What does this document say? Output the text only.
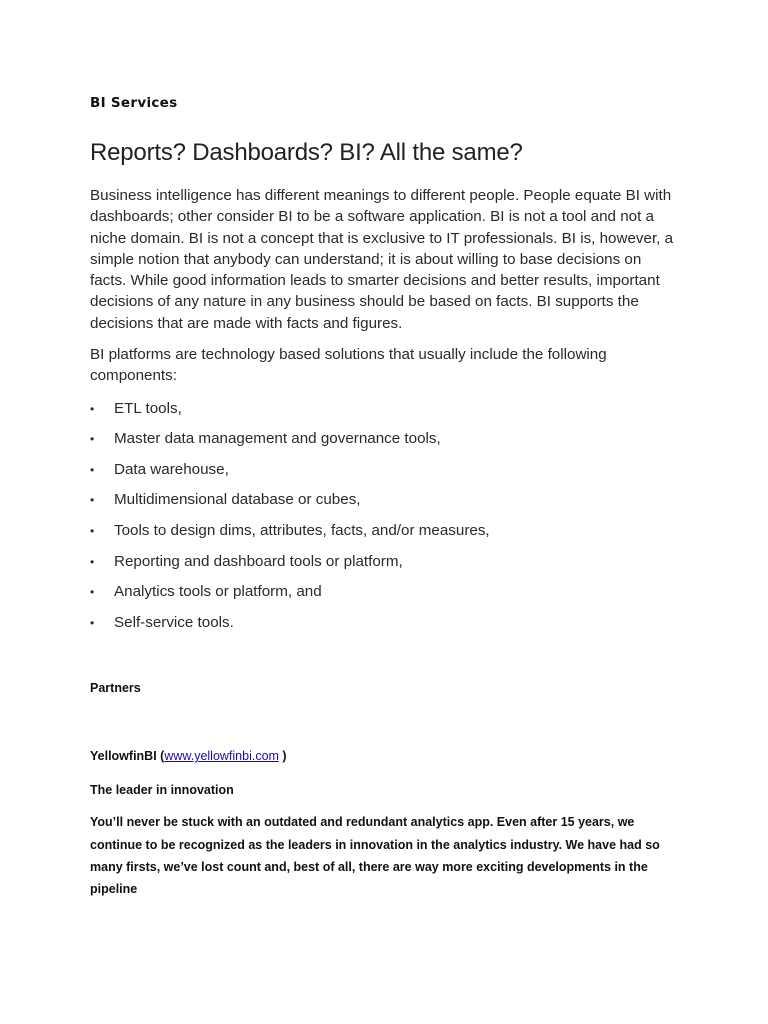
BI Services

Reports? Dashboards? BI? All the same?

Business intelligence has different meanings to different people. People equate BI with dashboards; other consider BI to be a software application. BI is not a tool and not a niche domain. BI is not a concept that is exclusive to IT professionals. BI is, however, a simple notion that anybody can understand; it is about willing to base decisions on facts. While good information leads to smarter decisions and better results, important decisions of any nature in any business should be based on facts. BI supports the decisions that are made with facts and figures.

BI platforms are technology based solutions that usually include the following components:

• ETL tools,
• Master data management and governance tools,
• Data warehouse,
• Multidimensional database or cubes,
• Tools to design dims, attributes, facts, and/or measures,
• Reporting and dashboard tools or platform,
• Analytics tools or platform, and
• Self-service tools.

Partners

YellowfinBI (www.yellowfinbi.com )

The leader in innovation

You’ll never be stuck with an outdated and redundant analytics app. Even after 15 years, we continue to be recognized as the leaders in innovation in the analytics industry. We have had so many firsts, we’ve lost count and, best of all, there are way more exciting developments in the pipeline
